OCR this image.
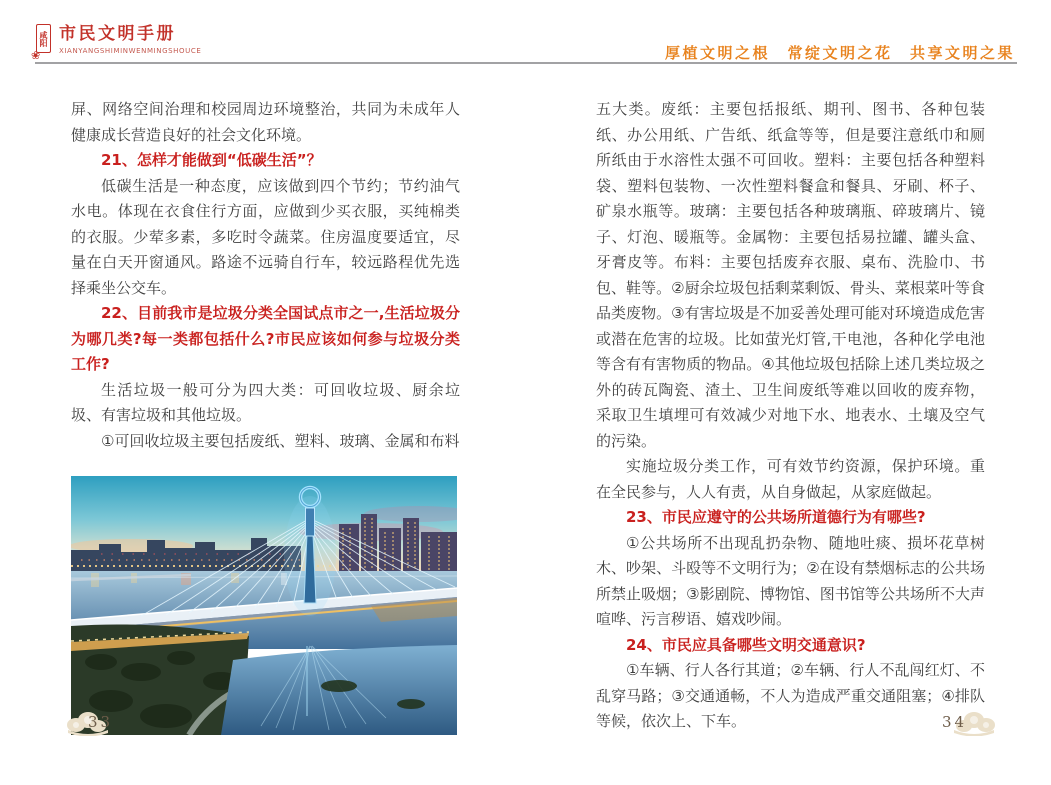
咸阳
❀
市民文明手册
XIANYANGSHIMINWENMINGSHOUCE	厚植文明之根　常绽文明之花　共享文明之果

屏、网络空间治理和校园周边环境整治，共同为未成年人健康成长营造良好的社会文化环境。

21、怎样才能做到“低碳生活”？

低碳生活是一种态度，应该做到四个节约；节约油气水电。体现在衣食住行方面，应做到少买衣服，买纯棉类的衣服。少荤多素，多吃时令蔬菜。住房温度要适宜，尽量在白天开窗通风。路途不远骑自行车，较远路程优先选择乘坐公交车。

22、目前我市是垃圾分类全国试点市之一,生活垃圾分为哪几类?每一类都包括什么?市民应该如何参与垃圾分类工作?

生活垃圾一般可分为四大类：可回收垃圾、厨余垃圾、有害垃圾和其他垃圾。

①可回收垃圾主要包括废纸、塑料、玻璃、金属和布料

五大类。废纸：主要包括报纸、期刊、图书、各种包装纸、办公用纸、广告纸、纸盒等等，但是要注意纸巾和厕所纸由于水溶性太强不可回收。塑料：主要包括各种塑料袋、塑料包装物、一次性塑料餐盒和餐具、牙刷、杯子、矿泉水瓶等。玻璃：主要包括各种玻璃瓶、碎玻璃片、镜子、灯泡、暖瓶等。金属物：主要包括易拉罐、罐头盒、牙膏皮等。布料：主要包括废弃衣服、桌布、洗脸巾、书包、鞋等。②厨余垃圾包括剩菜剩饭、骨头、菜根菜叶等食品类废物。③有害垃圾是不加妥善处理可能对环境造成危害或潜在危害的垃圾。比如萤光灯管,干电池，各种化学电池等含有有害物质的物品。④其他垃圾包括除上述几类垃圾之外的砖瓦陶瓷、渣土、卫生间废纸等难以回收的废弃物，采取卫生填埋可有效减少对地下水、地表水、土壤及空气的污染。

实施垃圾分类工作，可有效节约资源，保护环境。重在全民参与，人人有责，从自身做起，从家庭做起。

23、市民应遵守的公共场所道德行为有哪些?

①公共场所不出现乱扔杂物、随地吐痰、损坏花草树木、吵架、斗殴等不文明行为；②在设有禁烟标志的公共场所禁止吸烟；③影剧院、博物馆、图书馆等公共场所不大声喧哗、污言秽语、嬉戏吵闹。

24、市民应具备哪些文明交通意识?

①车辆、行人各行其道；②车辆、行人不乱闯红灯、不乱穿马路；③交通通畅，不人为造成严重交通阻塞；④排队等候，依次上、下车。

33	34
